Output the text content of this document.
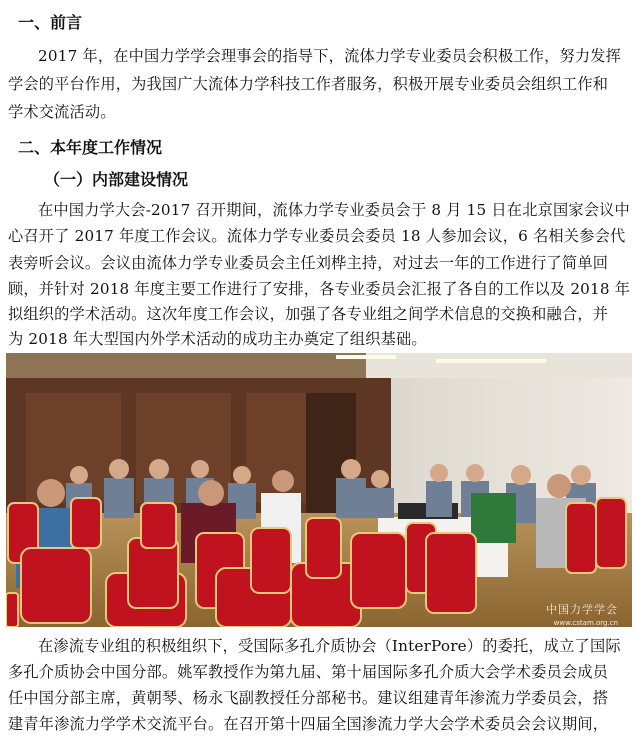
一、前言
2017 年，在中国力学学会理事会的指导下，流体力学专业委员会积极工作，努力发挥
学会的平台作用，为我国广大流体力学科技工作者服务，积极开展专业委员会组织工作和
学术交流活动。
二、本年度工作情况
（一）内部建设情况
在中国力学大会-2017 召开期间，流体力学专业委员会于 8 月 15 日在北京国家会议中
心召开了 2017 年度工作会议。流体力学专业委员会委员 18 人参加会议，6 名相关参会代
表旁听会议。会议由流体力学专业委员会主任刘桦主持，对过去一年的工作进行了简单回
顾，并针对 2018 年度主要工作进行了安排，各专业委员会汇报了各自的工作以及 2018 年
拟组织的学术活动。这次年度工作会议，加强了各专业组之间学术信息的交换和融合，并
为 2018 年大型国内外学术活动的成功主办奠定了组织基础。
中国力学学会
www.cstam.org.cn
在渗流专业组的积极组织下，受国际多孔介质协会（InterPore）的委托，成立了国际
多孔介质协会中国分部。姚军教授作为第九届、第十届国际多孔介质大会学术委员会成员
任中国分部主席，黄朝琴、杨永飞副教授任分部秘书。建议组建青年渗流力学委员会，搭
建青年渗流力学学术交流平台。在召开第十四届全国渗流力学大会学术委员会会议期间，
